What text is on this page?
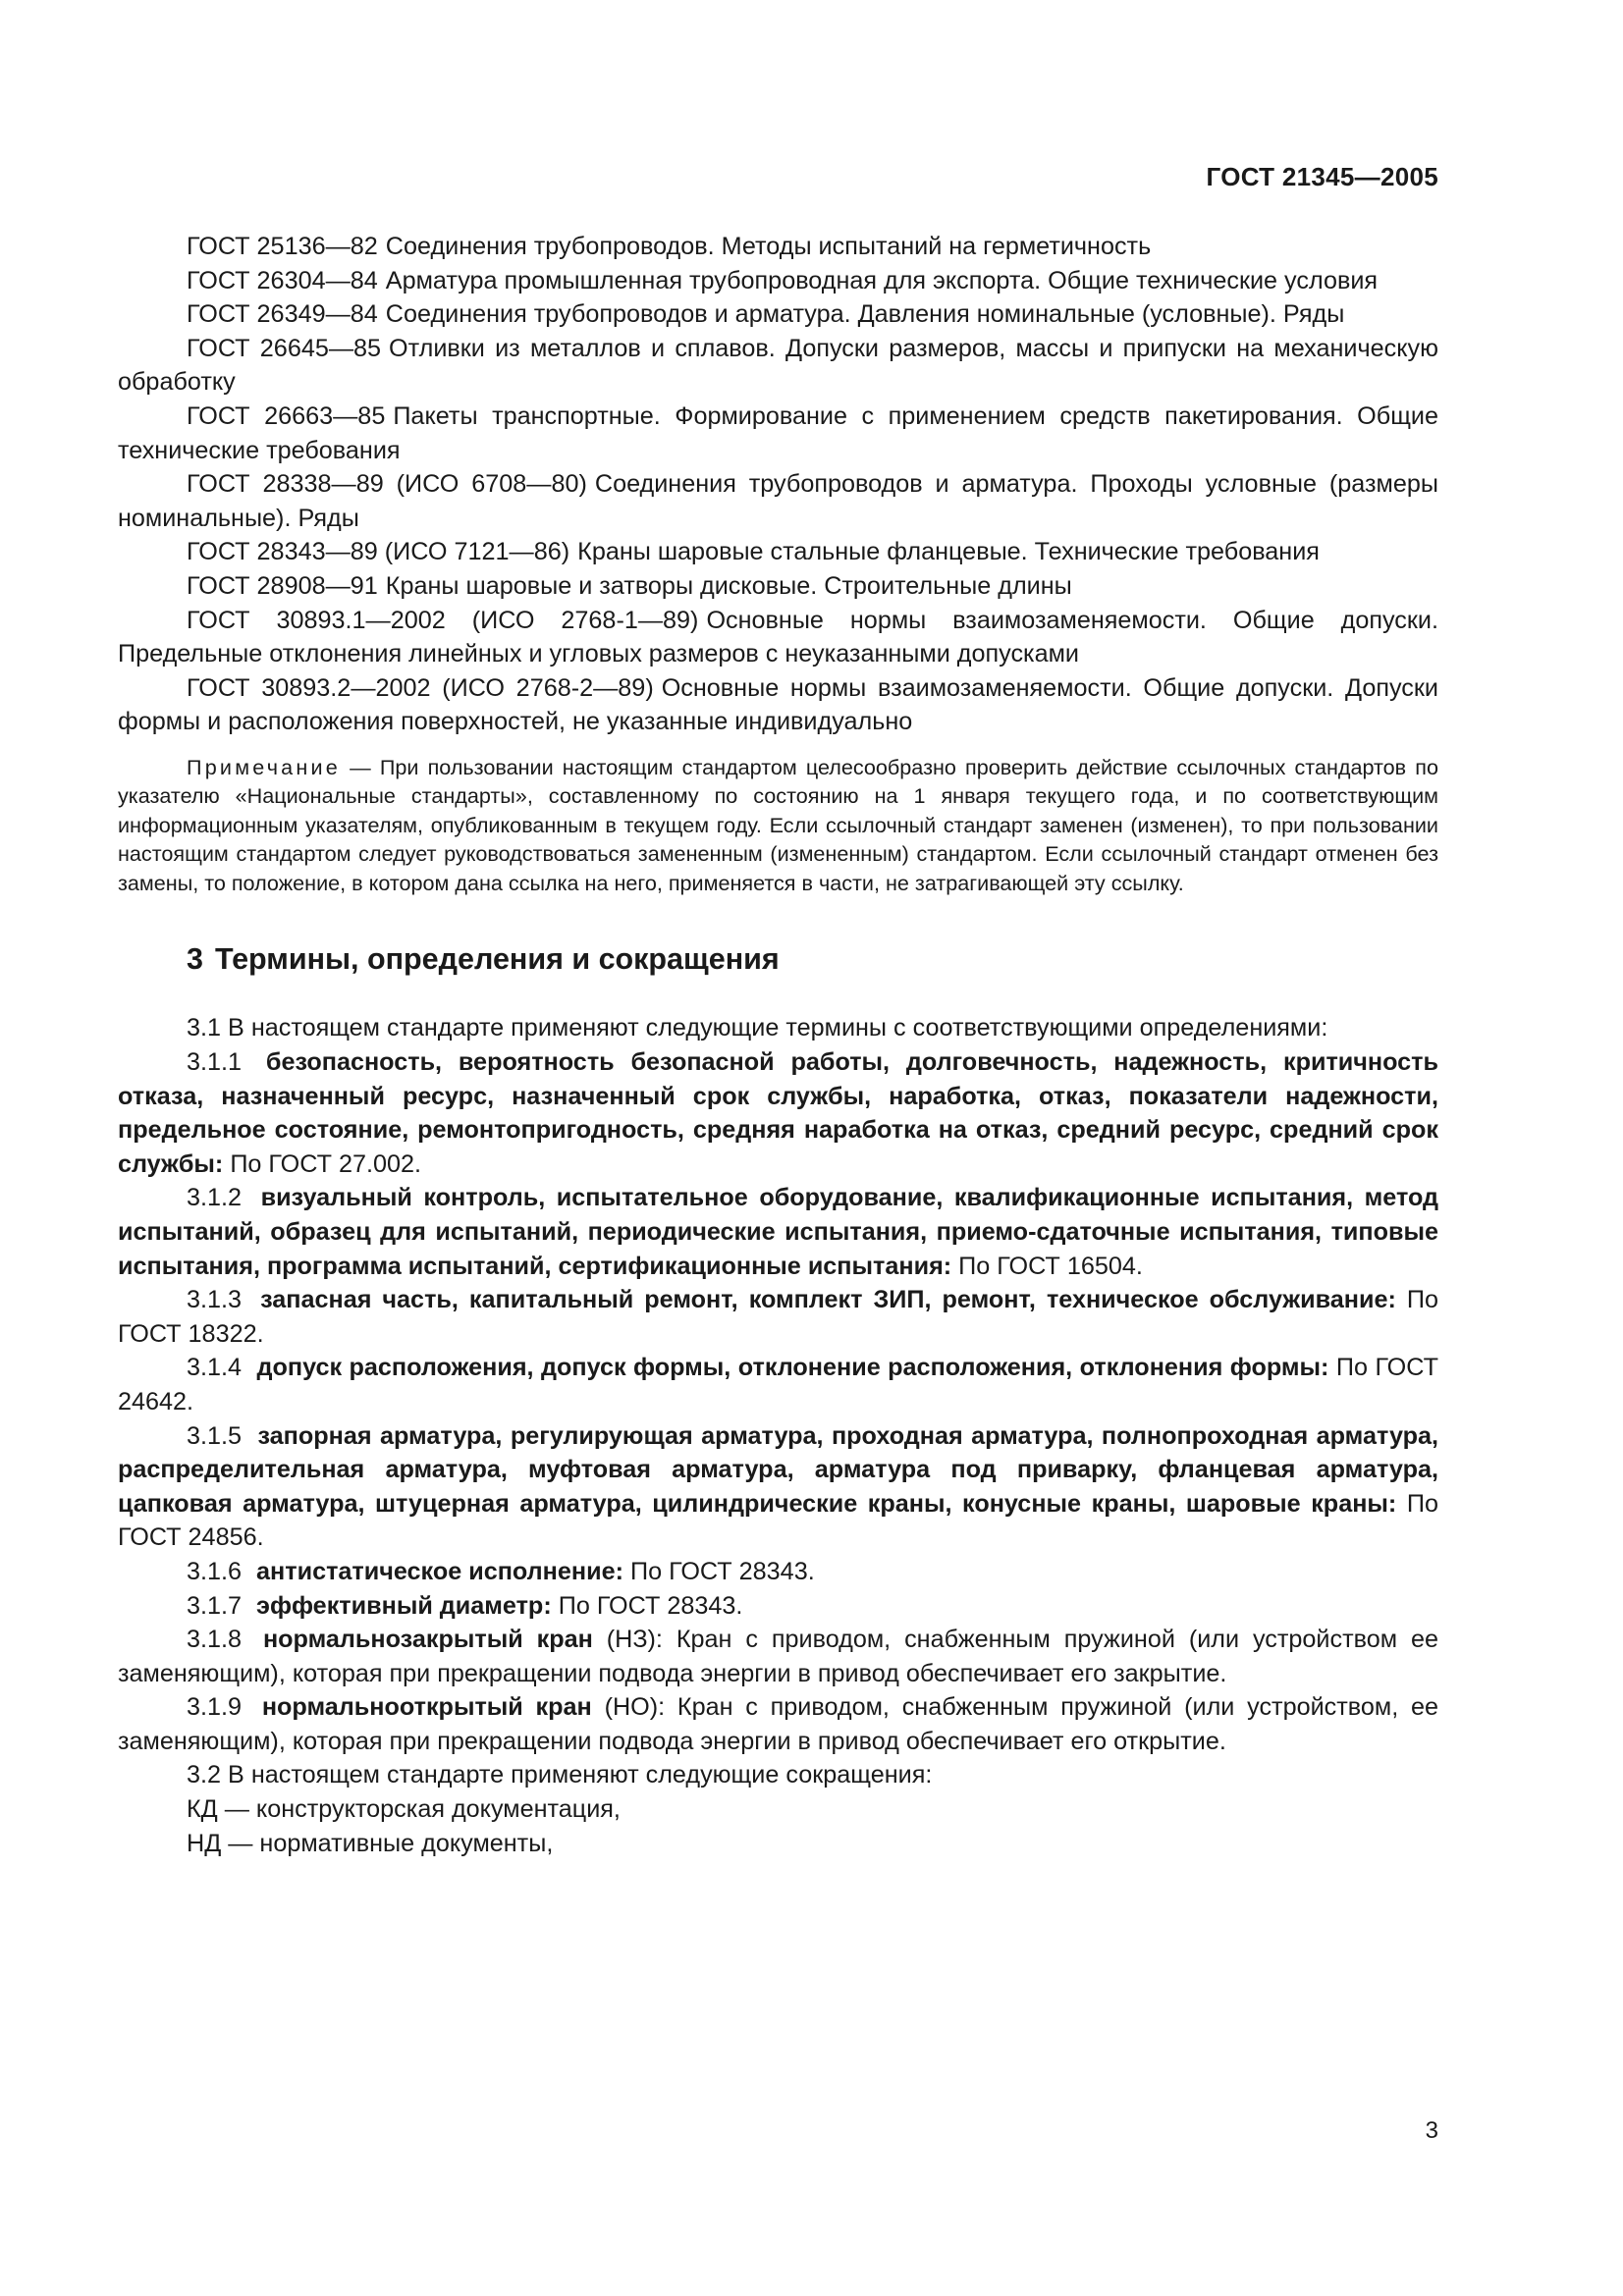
ГОСТ 21345—2005

ГОСТ 25136—82 Соединения трубопроводов. Методы испытаний на герметичность

ГОСТ 26304—84 Арматура промышленная трубопроводная для экспорта. Общие технические условия

ГОСТ 26349—84 Соединения трубопроводов и арматура. Давления номинальные (условные). Ряды

ГОСТ 26645—85 Отливки из металлов и сплавов. Допуски размеров, массы и припуски на механическую обработку

ГОСТ 26663—85 Пакеты транспортные. Формирование с применением средств пакетирования. Общие технические требования

ГОСТ 28338—89 (ИСО 6708—80) Соединения трубопроводов и арматура. Проходы условные (размеры номинальные). Ряды

ГОСТ 28343—89 (ИСО 7121—86) Краны шаровые стальные фланцевые. Технические требования

ГОСТ 28908—91 Краны шаровые и затворы дисковые. Строительные длины

ГОСТ 30893.1—2002 (ИСО 2768-1—89) Основные нормы взаимозаменяемости. Общие допуски. Предельные отклонения линейных и угловых размеров с неуказанными допусками

ГОСТ 30893.2—2002 (ИСО 2768-2—89) Основные нормы взаимозаменяемости. Общие допуски. Допуски формы и расположения поверхностей, не указанные индивидуально

Примечание — При пользовании настоящим стандартом целесообразно проверить действие ссылочных стандартов по указателю «Национальные стандарты», составленному по состоянию на 1 января текущего года, и по соответствующим информационным указателям, опубликованным в текущем году. Если ссылочный стандарт заменен (изменен), то при пользовании настоящим стандартом следует руководствоваться замененным (измененным) стандартом. Если ссылочный стандарт отменен без замены, то положение, в котором дана ссылка на него, применяется в части, не затрагивающей эту ссылку.

3 Термины, определения и сокращения

3.1 В настоящем стандарте применяют следующие термины с соответствующими определениями:

3.1.1 безопасность, вероятность безопасной работы, долговечность, надежность, критичность отказа, назначенный ресурс, назначенный срок службы, наработка, отказ, показатели надежности, предельное состояние, ремонтопригодность, средняя наработка на отказ, средний ресурс, средний срок службы: По ГОСТ 27.002.

3.1.2 визуальный контроль, испытательное оборудование, квалификационные испытания, метод испытаний, образец для испытаний, периодические испытания, приемо-сдаточные испытания, типовые испытания, программа испытаний, сертификационные испытания: По ГОСТ 16504.

3.1.3 запасная часть, капитальный ремонт, комплект ЗИП, ремонт, техническое обслуживание: По ГОСТ 18322.

3.1.4 допуск расположения, допуск формы, отклонение расположения, отклонения формы: По ГОСТ 24642.

3.1.5 запорная арматура, регулирующая арматура, проходная арматура, полнопроходная арматура, распределительная арматура, муфтовая арматура, арматура под приварку, фланцевая арматура, цапковая арматура, штуцерная арматура, цилиндрические краны, конусные краны, шаровые краны: По ГОСТ 24856.

3.1.6 антистатическое исполнение: По ГОСТ 28343.

3.1.7 эффективный диаметр: По ГОСТ 28343.

3.1.8 нормальнозакрытый кран (НЗ): Кран с приводом, снабженным пружиной (или устройством ее заменяющим), которая при прекращении подвода энергии в привод обеспечивает его закрытие.

3.1.9 нормальнооткрытый кран (НО): Кран с приводом, снабженным пружиной (или устройством, ее заменяющим), которая при прекращении подвода энергии в привод обеспечивает его открытие.

3.2 В настоящем стандарте применяют следующие сокращения:

КД — конструкторская документация,

НД — нормативные документы,

3
